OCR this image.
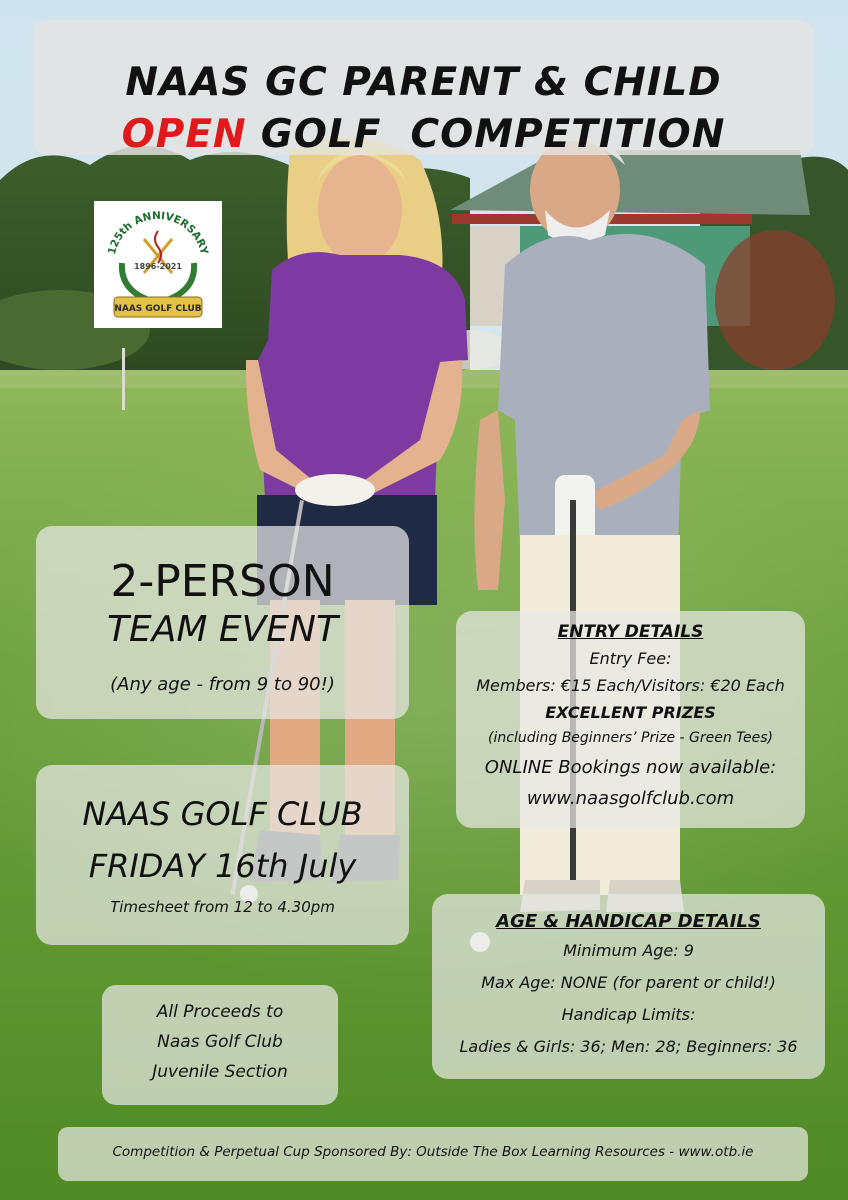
NAAS GC PARENT & CHILD
OPEN GOLF  COMPETITION
125th ANNIVERSARY
1896-2021
NAAS GOLF CLUB
2-PERSON
TEAM EVENT
(Any age - from 9 to 90!)
NAAS GOLF CLUB
FRIDAY 16th July
Timesheet from 12 to 4.30pm
All Proceeds to
Naas Golf Club
Juvenile Section
ENTRY DETAILS
Entry Fee:
Members: €15 Each/Visitors: €20 Each
EXCELLENT PRIZES
(including Beginners’ Prize - Green Tees)
ONLINE Bookings now available:
www.naasgolfclub.com
AGE & HANDICAP DETAILS
Minimum Age: 9
Max Age: NONE (for parent or child!)
Handicap Limits:
Ladies & Girls: 36; Men: 28; Beginners: 36
Competition & Perpetual Cup Sponsored By: Outside The Box Learning Resources - www.otb.ie
